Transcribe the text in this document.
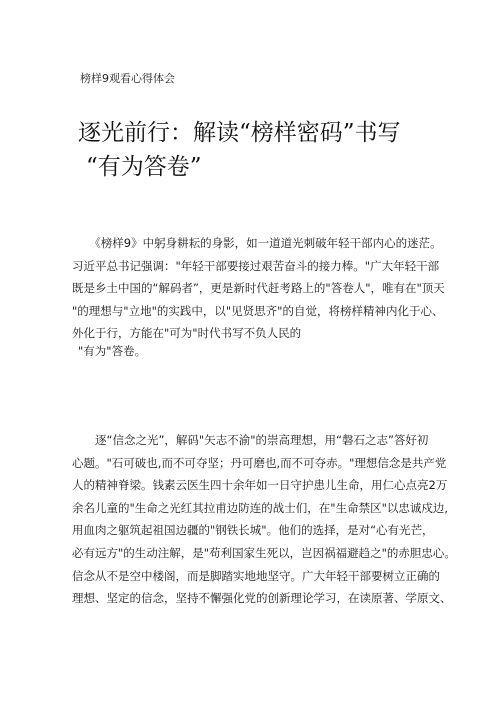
榜样9观看心得体会
逐光前行：解读“榜样密码”书写
“有为答卷”
　　《榜样9》中躬身耕耘的身影，如一道道光刺破年轻干部内心的迷茫。
习近平总书记强调："年轻干部要接过艰苦奋斗的接力棒。"广大年轻干部
既是乡土中国的“解码者”，更是新时代赶考路上的"答卷人"，唯有在"顶天
"的理想与"立地"的实践中，以"见贤思齐"的自觉，将榜样精神内化于心、
外化于行，方能在"可为"时代书写不负人民的
"有为"答卷。
　　逐“信念之光”，解码"矢志不渝"的崇高理想，用“磐石之志”答好初
心题。"石可破也,而不可夺坚；丹可磨也,而不可夺赤。"理想信念是共产党
人的精神脊梁。钱素云医生四十余年如一日守护患儿生命，用仁心点亮2万
余名儿童的"生命之光红其拉甫边防连的战士们，在"生命禁区"以忠诚戍边,
用血肉之躯筑起祖国边疆的"钢铁长城"。他们的选择，是对“心有光芒，
必有远方"的生动注解，是"苟利国家生死以，岂因祸福避趋之"的赤胆忠心。
信念从不是空中楼阁，而是脚踏实地地坚守。广大年轻干部要树立正确的
理想、坚定的信念，坚持不懈强化党的创新理论学习，在读原著、学原文、
